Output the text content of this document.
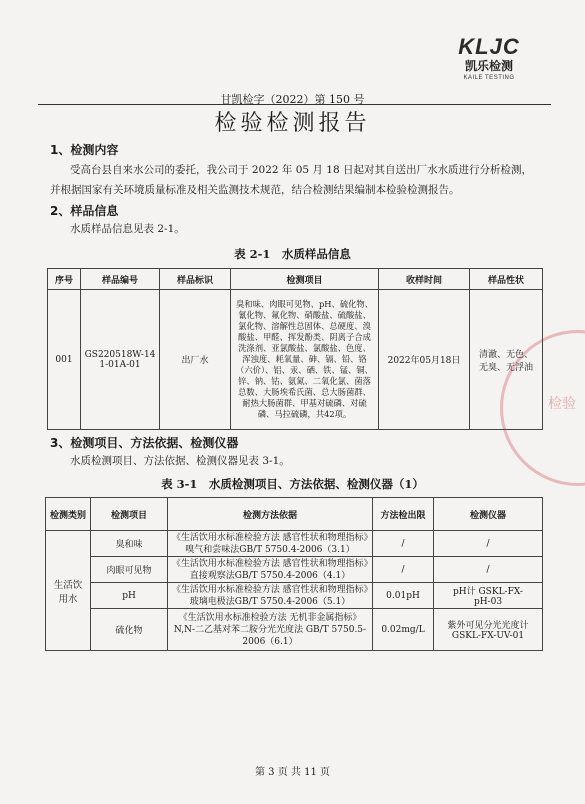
检验
KLJC
凯乐检测
KAILE TESTING
甘凯检字（2022）第 150 号
检验检测报告
1、检测内容
受高台县自来水公司的委托，我公司于 2022 年 05 月 18 日起对其自送出厂水水质进行分析检测，并根据国家有关环境质量标准及相关监测技术规范，结合检测结果编制本检验检测报告。
2、样品信息
水质样品信息见表 2-1。
表 2-1　水质样品信息
序号	样品编号	样品标识	检测项目	收样时间	样品性状
001	GS220518W-141-01A-01	出厂水	臭和味、肉眼可见物、pH、硫化物、氰化物、氟化物、硝酸盐、硫酸盐、氯化物、溶解性总固体、总硬度、溴酸盐、甲醛、挥发酚类、阴离子合成洗涤剂、亚氯酸盐、氯酸盐、色度、浑浊度、耗氧量、砷、镉、铅、铬（六价）、铝、汞、硒、铁、锰、铜、锌、钠、钴、氨氮、二氧化氯、菌落总数、大肠埃希氏菌、总大肠菌群、耐热大肠菌群、甲基对硫磷、对硫磷、马拉硫磷，共42项。	2022年05月18日	清澈、无色、无臭、无浮油
3、检测项目、方法依据、检测仪器
水质检测项目、方法依据、检测仪器见表 3-1。
表 3-1　水质检测项目、方法依据、检测仪器（1）
检测类别	检测项目	检测方法依据	方法检出限	检测仪器
生活饮用水	臭和味	《生活饮用水标准检验方法 感官性状和物理指标》嗅气和尝味法GB/T 5750.4-2006（3.1）	/	/
	肉眼可见物	《生活饮用水标准检验方法 感官性状和物理指标》直接观察法GB/T 5750.4-2006（4.1）	/	/
	pH	《生活饮用水标准检验方法 感官性状和物理指标》玻璃电极法GB/T 5750.4-2006（5.1）	0.01pH	pH计 GSKL-FX-pH-03
	硫化物	《生活饮用水标准检验方法 无机非金属指标》N,N-二乙基对苯二胺分光光度法 GB/T 5750.5-2006（6.1）	0.02mg/L	紫外可见分光光度计 GSKL-FX-UV-01
第 3 页 共 11 页
